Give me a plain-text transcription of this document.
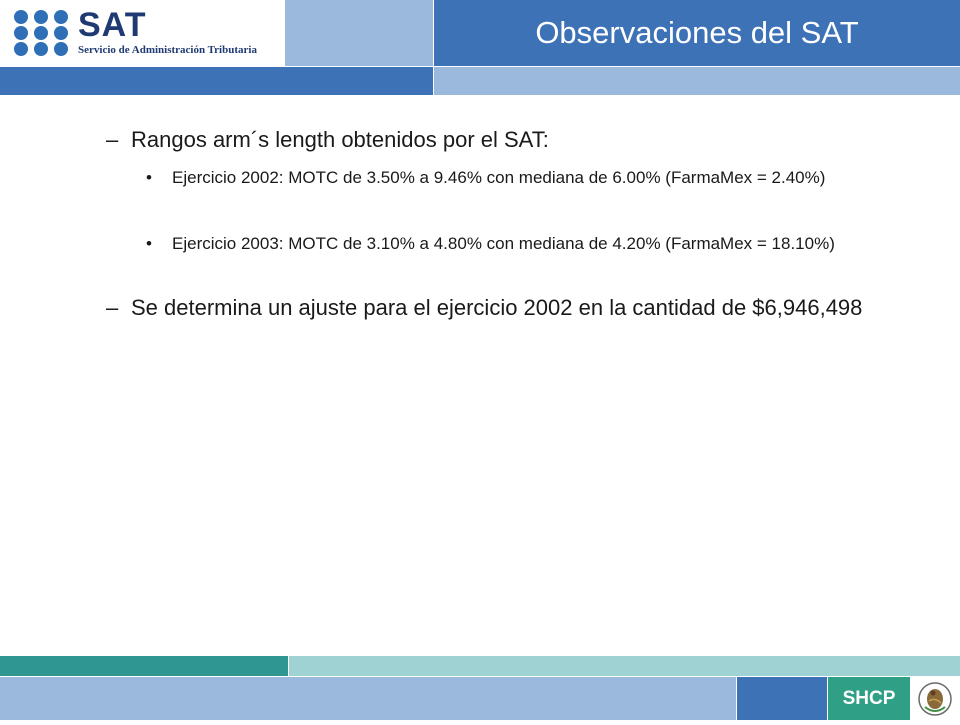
SAT
Servicio de Administración Tributaria	Observaciones del SAT
– Rangos arm´s length obtenidos por el SAT:
• Ejercicio 2002: MOTC de 3.50% a 9.46% con mediana de 6.00% (FarmaMex = 2.40%)
• Ejercicio 2003: MOTC de 3.10% a 4.80% con mediana de 4.20% (FarmaMex = 18.10%)
– Se determina un ajuste para el ejercicio 2002 en la cantidad de $6,946,498
SHCP
